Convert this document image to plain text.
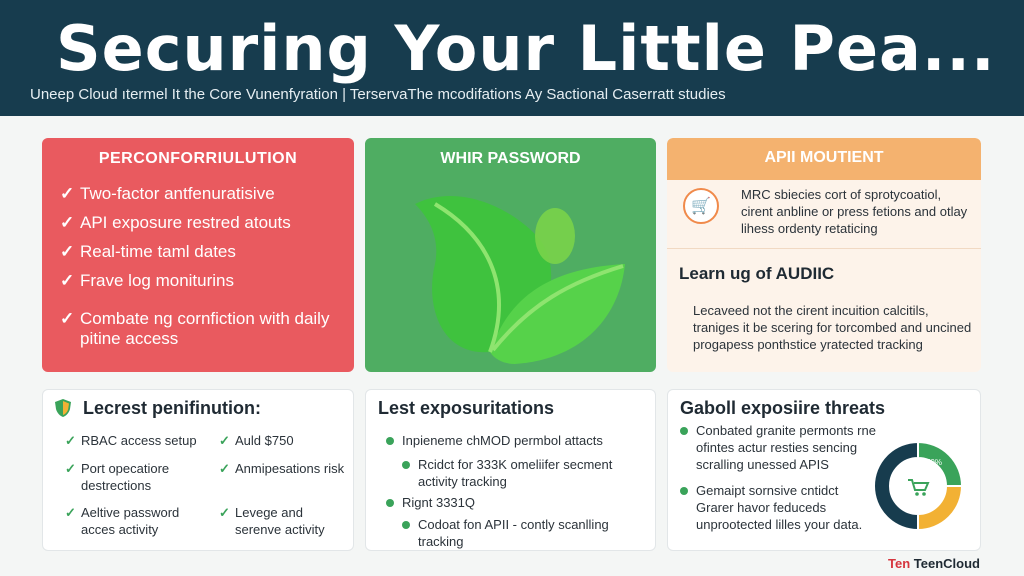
Securing Your Little Pea...
Uneep Cloud ıtermel It the Core Vunenfyration | TerservaThe mcodifations Ay Sactional Caserratt studies
PERCONFORRIULUTION
✓ Two-factor antfenuratisive
✓ API exposure restred atouts
✓ Real-time taml dates
✓ Frave log moniturins
✓ Combate ng cornfiction with daily pitine access
WHIR PASSWORD	APII MOUTIENT
🛒
MRC sbiecies cort of sprotycoatiol, cirent anbline or press fetions and otlay lihess ordenty retaticing
Learn ug of AUDIIC
Lecaveed not the cirent incuition calcitils, traniges it be scering for torcombed and uncined progapess ponthstice yratected tracking
Lecrest penifinution:
✓ RBAC access setup ✓ Auld $750
✓ Port opecatiore destrections
✓ Anmipesations risk
✓ Aeltive password acces activity
✓ Levege and serenve activity
Lest exposuritations
Inpieneme chMOD permbol attacts
Rcidct for 333K omeliifer secment activity tracking
Rignt 3331Q
Codoat fon APII - contly scanlling tracking
Gaboll exposiire threats
Conbated granite permonts rne ofintes actur resties sencing scralling unessed APIS
Gemaipt sornsive cntidct Grarer havor feduceds unprootected lilles your data.
50%
Ten TeenCloud
